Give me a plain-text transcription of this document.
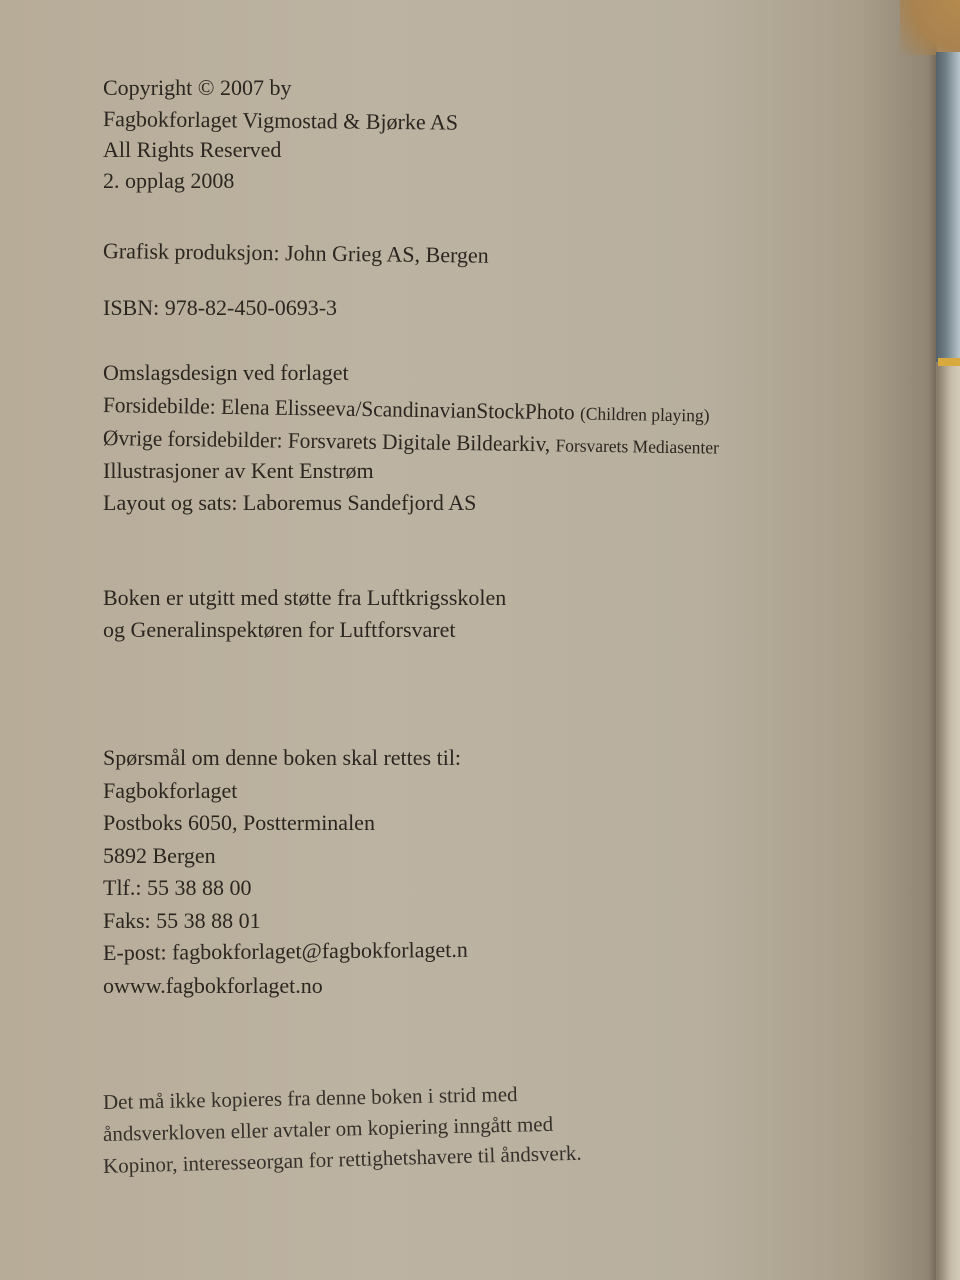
Copyright © 2007 by
Fagbokforlaget Vigmostad & Bjørke AS
All Rights Reserved
2. opplag 2008
Grafisk produksjon: John Grieg AS, Bergen
ISBN: 978-82-450-0693-3
Omslagsdesign ved forlaget
Forsidebilde: Elena Elisseeva/ScandinavianStockPhoto (Children playing)
Øvrige forsidebilder: Forsvarets Digitale Bildearkiv, Forsvarets Mediasenter
Illustrasjoner av Kent Enstrøm
Layout og sats: Laboremus Sandefjord AS
Boken er utgitt med støtte fra Luftkrigsskolen
og Generalinspektøren for Luftforsvaret
Spørsmål om denne boken skal rettes til:
Fagbokforlaget
Postboks 6050, Postterminalen
5892 Bergen
Tlf.: 55 38 88 00
Faks: 55 38 88 01
E-post: fagbokforlaget@fagbokforlaget.n
owww.fagbokforlaget.no
Det må ikke kopieres fra denne boken i strid med
åndsverkloven eller avtaler om kopiering inngått med
Kopinor, interesseorgan for rettighetshavere til åndsverk.
